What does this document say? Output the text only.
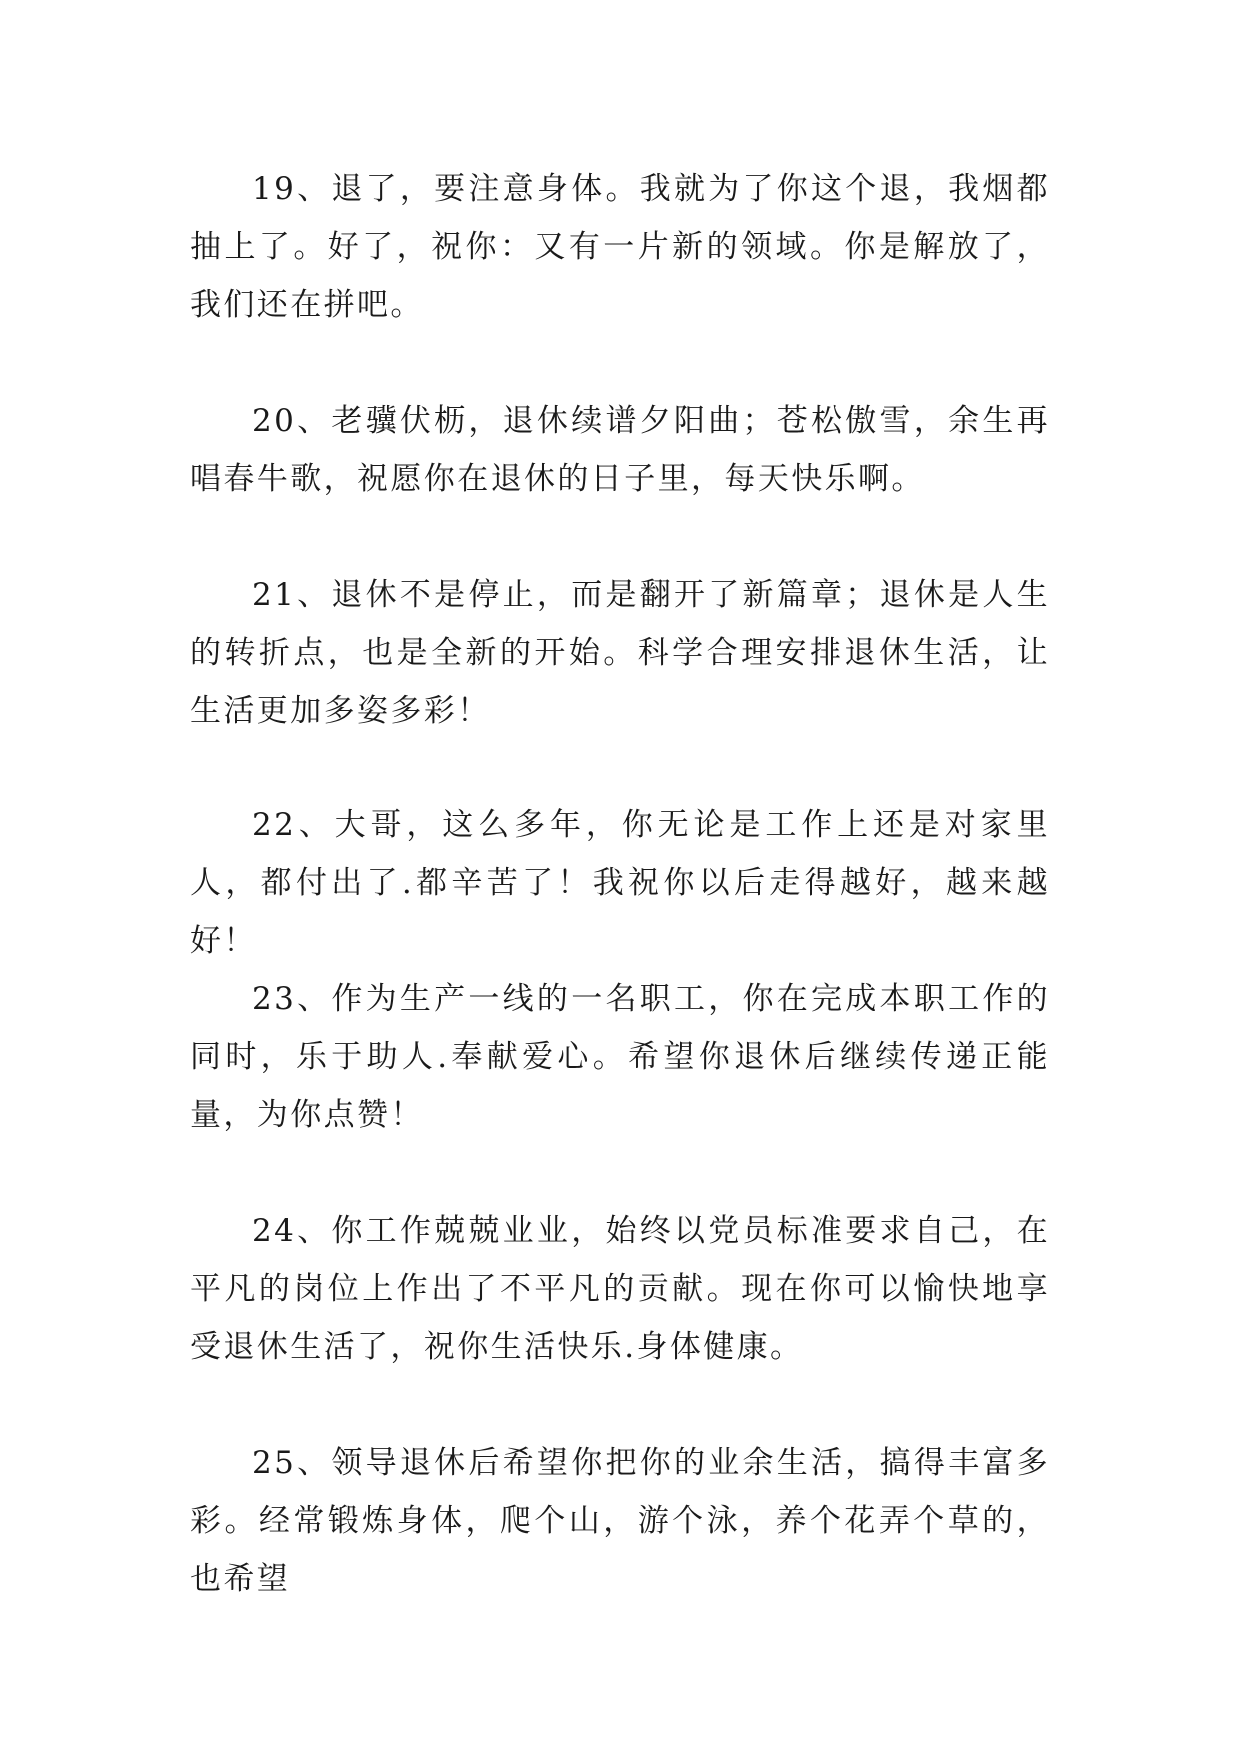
19、退了，要注意身体。我就为了你这个退，我烟都抽上了。好了，祝你：又有一片新的领域。你是解放了，我们还在拼吧。

20、老骥伏枥，退休续谱夕阳曲；苍松傲雪，余生再唱春牛歌，祝愿你在退休的日子里，每天快乐啊。

21、退休不是停止，而是翻开了新篇章；退休是人生的转折点，也是全新的开始。科学合理安排退休生活，让生活更加多姿多彩！

22、大哥，这么多年，你无论是工作上还是对家里人，都付出了.都辛苦了！我祝你以后走得越好，越来越好！

23、作为生产一线的一名职工，你在完成本职工作的同时，乐于助人.奉献爱心。希望你退休后继续传递正能量，为你点赞！

24、你工作兢兢业业，始终以党员标准要求自己，在平凡的岗位上作出了不平凡的贡献。现在你可以愉快地享受退休生活了，祝你生活快乐.身体健康。

25、领导退休后希望你把你的业余生活，搞得丰富多彩。经常锻炼身体，爬个山，游个泳，养个花弄个草的，也希望
